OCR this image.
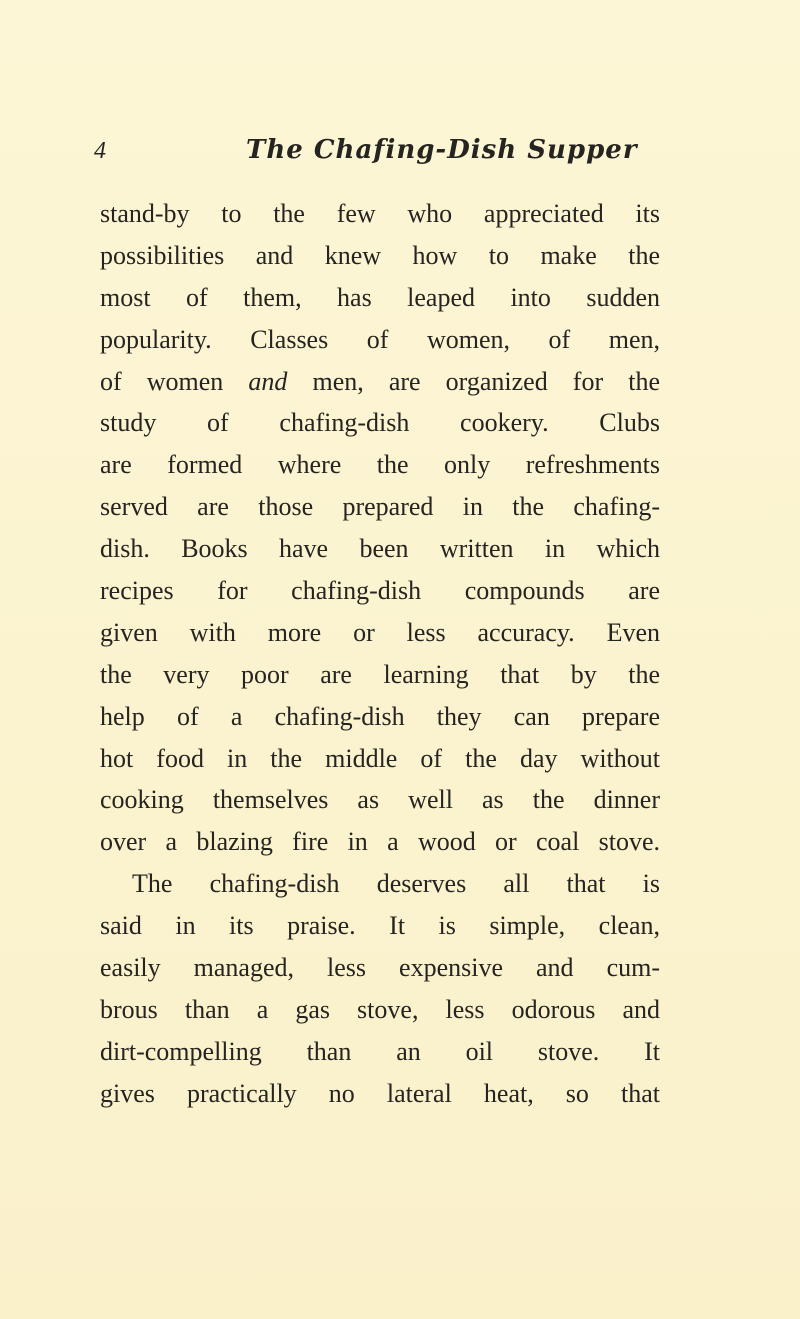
4	The Chafing-Dish Supper
stand-by to the few who appreciated its
possibilities and knew how to make the
most of them, has leaped into sudden
popularity. Classes of women, of men,
of women and men, are organized for the
study of chafing-dish cookery. Clubs
are formed where the only refreshments
served are those prepared in the chafing-
dish. Books have been written in which
recipes for chafing-dish compounds are
given with more or less accuracy. Even
the very poor are learning that by the
help of a chafing-dish they can prepare
hot food in the middle of the day without
cooking themselves as well as the dinner
over a blazing fire in a wood or coal stove.
The chafing-dish deserves all that is
said in its praise. It is simple, clean,
easily managed, less expensive and cum-
brous than a gas stove, less odorous and
dirt-compelling than an oil stove. It
gives practically no lateral heat, so that
